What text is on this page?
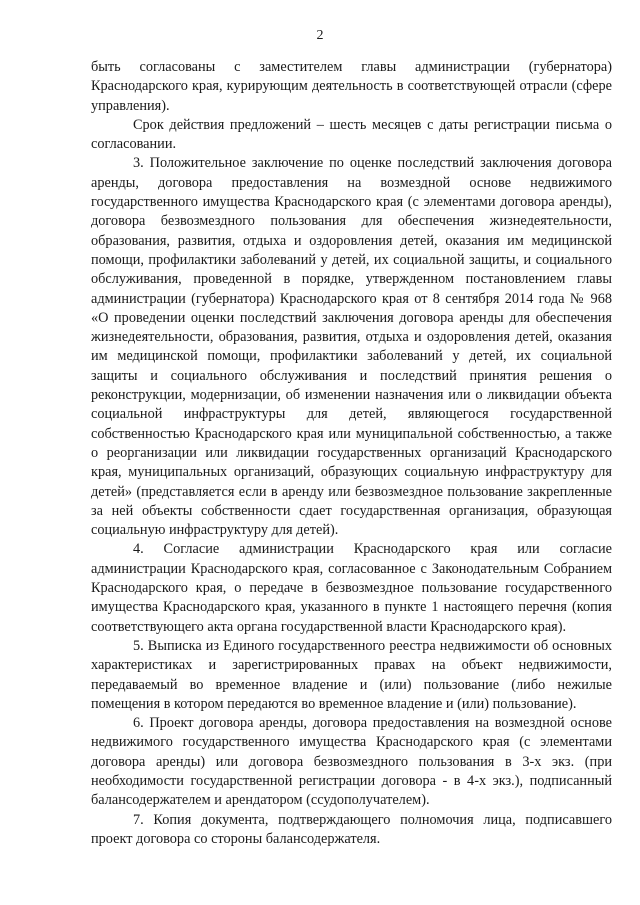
2

быть согласованы с заместителем главы администрации (губернатора) Краснодарского края, курирующим деятельность в соответствующей отрасли (сфере управления).

Срок действия предложений – шесть месяцев с даты регистрации письма о согласовании.

3. Положительное заключение по оценке последствий заключения договора аренды, договора предоставления на возмездной основе недвижимого государственного имущества Краснодарского края (с элементами договора аренды), договора безвозмездного пользования для обеспечения жизнедеятельности, образования, развития, отдыха и оздоровления детей, оказания им медицинской помощи, профилактики заболеваний у детей, их социальной защиты, и социального обслуживания, проведенной в порядке, утвержденном постановлением главы администрации (губернатора) Краснодарского края от 8 сентября 2014 года № 968 «О проведении оценки последствий заключения договора аренды для обеспечения жизнедеятельности, образования, развития, отдыха и оздоровления детей, оказания им медицинской помощи, профилактики заболеваний у детей, их социальной защиты и социального обслуживания и последствий принятия решения о реконструкции, модернизации, об изменении назначения или о ликвидации объекта социальной инфраструктуры для детей, являющегося государственной собственностью Краснодарского края или муниципальной собственностью, а также о реорганизации или ликвидации государственных организаций Краснодарского края, муниципальных организаций, образующих социальную инфраструктуру для детей» (представляется если в аренду или безвозмездное пользование закрепленные за ней объекты собственности сдает государственная организация, образующая социальную инфраструктуру для детей).

4. Согласие администрации Краснодарского края или согласие администрации Краснодарского края, согласованное с Законодательным Собранием Краснодарского края, о передаче в безвозмездное пользование государственного имущества Краснодарского края, указанного в пункте 1 настоящего перечня (копия соответствующего акта органа государственной власти Краснодарского края).

5. Выписка из Единого государственного реестра недвижимости об основных характеристиках и зарегистрированных правах на объект недвижимости, передаваемый во временное владение и (или) пользование (либо нежилые помещения в котором передаются во временное владение и (или) пользование).

6. Проект договора аренды, договора предоставления на возмездной основе недвижимого государственного имущества Краснодарского края (с элементами договора аренды) или договора безвозмездного пользования в 3-х экз. (при необходимости государственной регистрации договора - в 4-х экз.), подписанный балансодержателем и арендатором (ссудополучателем).

7. Копия документа, подтверждающего полномочия лица, подписавшего проект договора со стороны балансодержателя.
